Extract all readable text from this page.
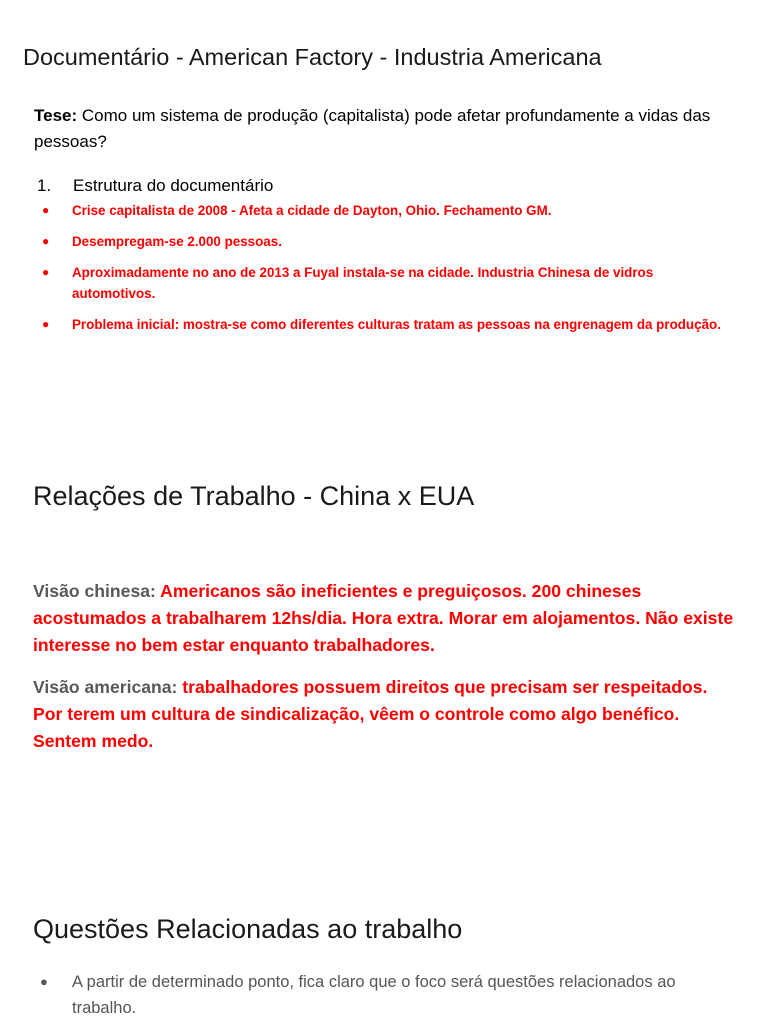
Documentário - American Factory - Industria Americana
Tese: Como um sistema de produção (capitalista) pode afetar profundamente a vidas das pessoas?
1. Estrutura do documentário
● Crise capitalista de 2008 - Afeta a cidade de Dayton, Ohio. Fechamento GM.
● Desempregam-se 2.000 pessoas.
● Aproximadamente no ano de 2013 a Fuyal instala-se na cidade. Industria Chinesa de vidros automotivos.
● Problema inicial: mostra-se como diferentes culturas tratam as pessoas na engrenagem da produção.
Relações de Trabalho - China x EUA
Visão chinesa: Americanos são ineficientes e preguiçosos. 200 chineses acostumados a trabalharem 12hs/dia. Hora extra. Morar em alojamentos. Não existe interesse no bem estar enquanto trabalhadores.
Visão americana: trabalhadores possuem direitos que precisam ser respeitados. Por terem um cultura de sindicalização, vêem o controle como algo benéfico. Sentem medo.
Questões Relacionadas ao trabalho
● A partir de determinado ponto, fica claro que o foco será questões relacionados ao trabalho.
